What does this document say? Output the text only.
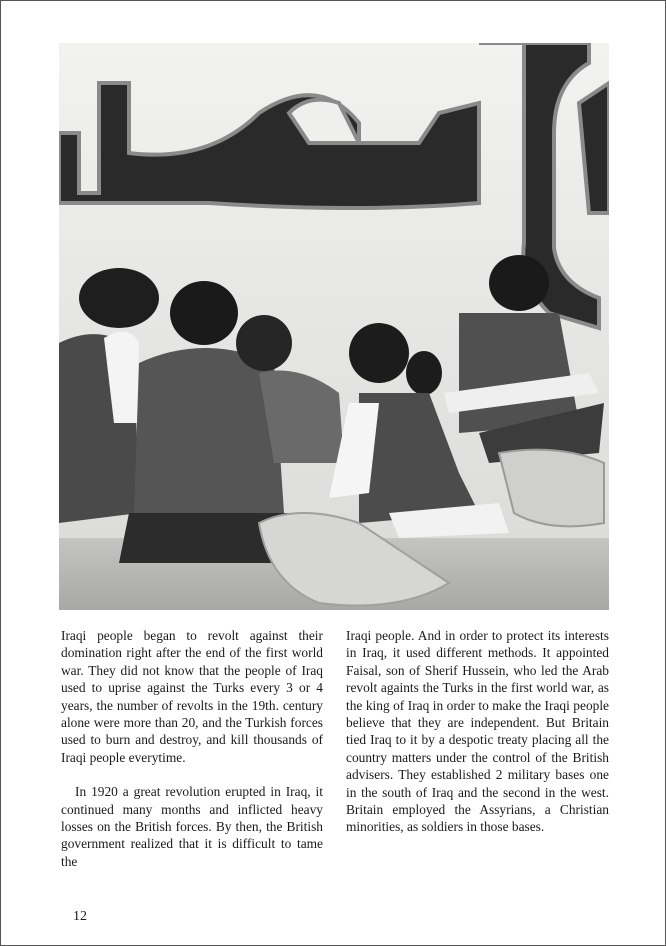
Iraqi people began to revolt against their domination right after the end of the first world war. They did not know that the people of Iraq used to uprise against the Turks every 3 or 4 years, the number of revolts in the 19th. century alone were more than 20, and the Turkish forces used to burn and destroy, and kill thousands of Iraqi people everytime.

In 1920 a great revolution erupted in Iraq, it continued many months and inflicted heavy losses on the British forces. By then, the British government realized that it is difficult to tame the

Iraqi people. And in order to protect its interests in Iraq, it used different methods. It appointed Faisal, son of Sherif Hussein, who led the Arab revolt againts the Turks in the first world war, as the king of Iraq in order to make the Iraqi people believe that they are independent. But Britain tied Iraq to it by a despotic treaty placing all the country matters under the control of the British advisers. They established 2 military bases one in the south of Iraq and the second in the west. Britain employed the Assyrians, a Christian minorities, as soldiers in those bases.

12
